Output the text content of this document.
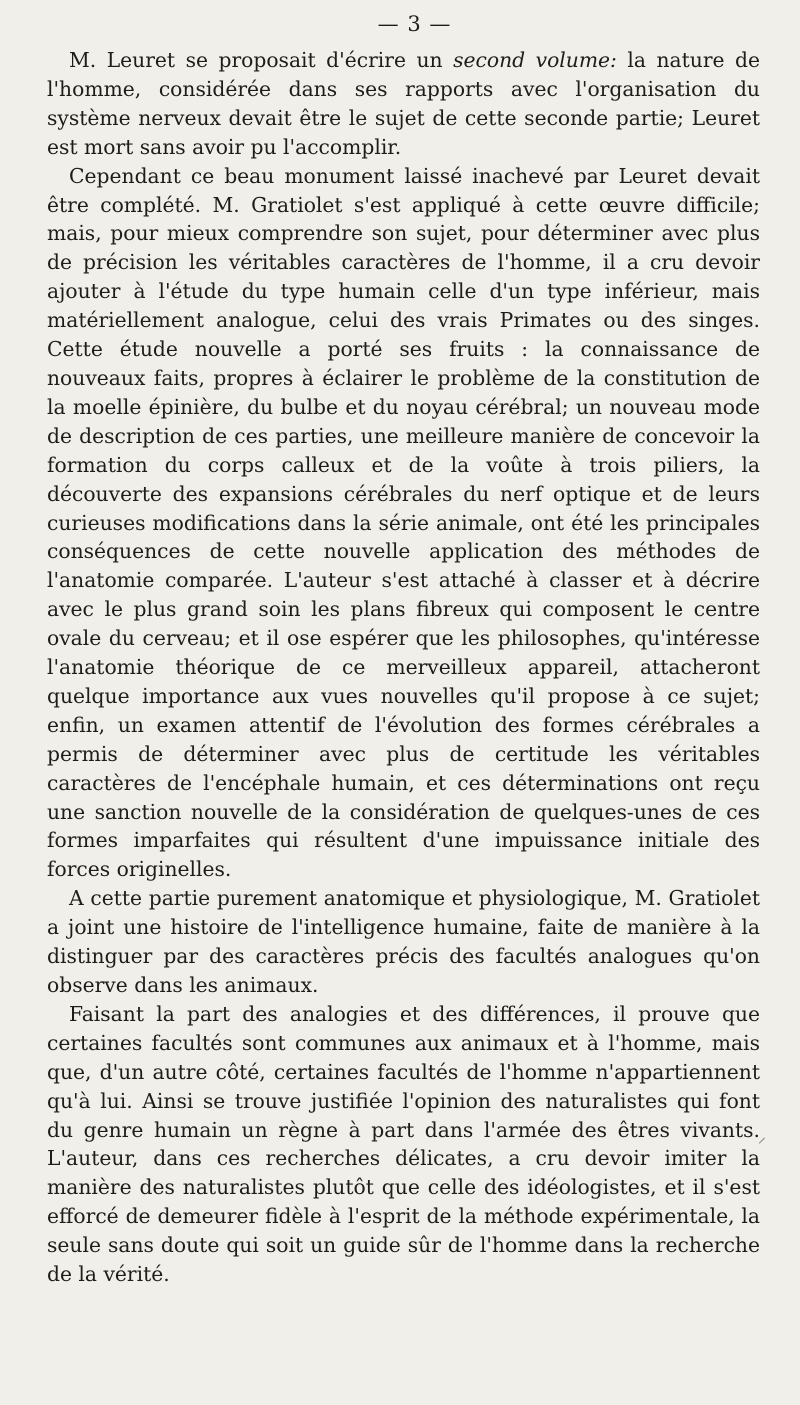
— 3 —

M. Leuret se proposait d'écrire un second volume: la nature de l'homme, considérée dans ses rapports avec l'organisation du système nerveux devait être le sujet de cette seconde partie; Leuret est mort sans avoir pu l'accomplir.

Cependant ce beau monument laissé inachevé par Leuret devait être complété. M. Gratiolet s'est appliqué à cette œuvre difficile; mais, pour mieux comprendre son sujet, pour déterminer avec plus de précision les véritables caractères de l'homme, il a cru devoir ajouter à l'étude du type humain celle d'un type inférieur, mais matériellement analogue, celui des vrais Primates ou des singes. Cette étude nouvelle a porté ses fruits : la connaissance de nouveaux faits, propres à éclairer le problème de la constitution de la moelle épinière, du bulbe et du noyau cérébral; un nouveau mode de description de ces parties, une meilleure manière de concevoir la formation du corps calleux et de la voûte à trois piliers, la découverte des expansions cérébrales du nerf optique et de leurs curieuses modifications dans la série animale, ont été les principales conséquences de cette nouvelle application des méthodes de l'anatomie comparée. L'auteur s'est attaché à classer et à décrire avec le plus grand soin les plans fibreux qui composent le centre ovale du cerveau; et il ose espérer que les philosophes, qu'intéresse l'anatomie théorique de ce merveilleux appareil, attacheront quelque importance aux vues nouvelles qu'il propose à ce sujet; enfin, un examen attentif de l'évolution des formes cérébrales a permis de déterminer avec plus de certitude les véritables caractères de l'encéphale humain, et ces déterminations ont reçu une sanction nouvelle de la considération de quelques-unes de ces formes imparfaites qui résultent d'une impuissance initiale des forces originelles.

A cette partie purement anatomique et physiologique, M. Gratiolet a joint une histoire de l'intelligence humaine, faite de manière à la distinguer par des caractères précis des facultés analogues qu'on observe dans les animaux.

Faisant la part des analogies et des différences, il prouve que certaines facultés sont communes aux animaux et à l'homme, mais que, d'un autre côté, certaines facultés de l'homme n'appartiennent qu'à lui. Ainsi se trouve justifiée l'opinion des naturalistes qui font du genre humain un règne à part dans l'armée des êtres vivants. L'auteur, dans ces recherches délicates, a cru devoir imiter la manière des naturalistes plutôt que celle des idéologistes, et il s'est efforcé de demeurer fidèle à l'esprit de la méthode expérimentale, la seule sans doute qui soit un guide sûr de l'homme dans la recherche de la vérité.
